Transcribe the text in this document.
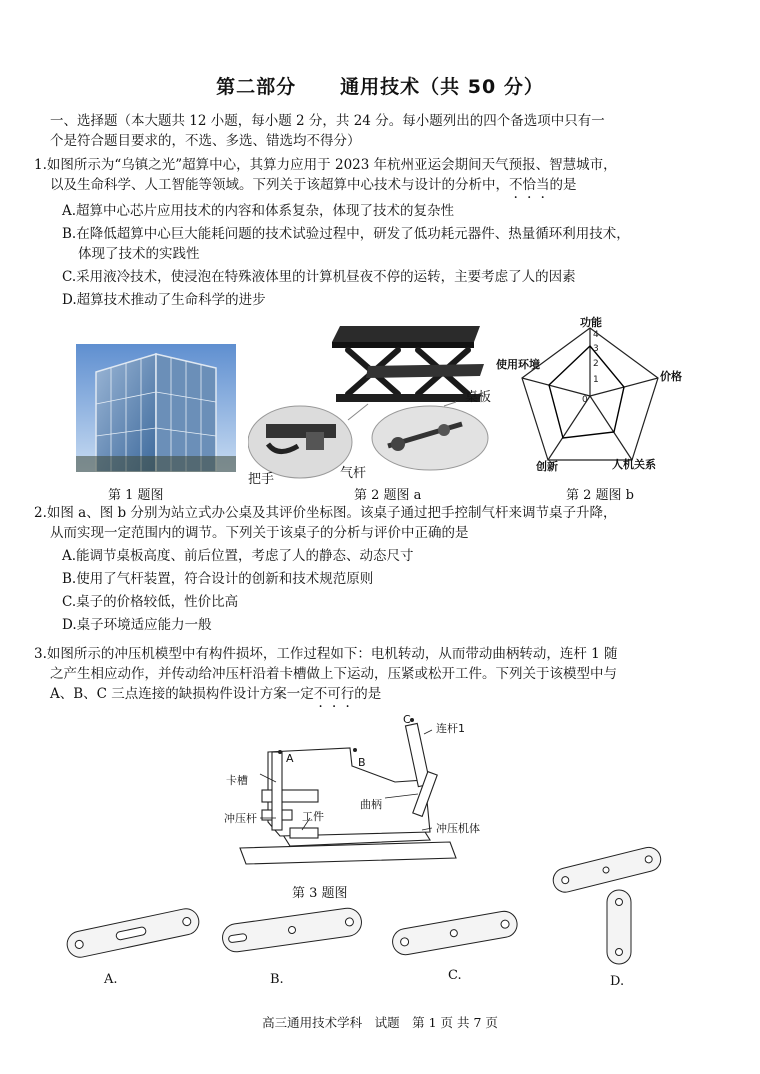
第二部分 通用技术（共 50 分）
一、选择题（本大题共 12 小题，每小题 2 分，共 24 分。每小题列出的四个备选项中只有一
个是符合题目要求的，不选、多选、错选均不得分）
1.如图所示为“乌镇之光”超算中心，其算力应用于 2023 年杭州亚运会期间天气预报、智慧城市，
以及生命科学、人工智能等领域。下列关于该超算中心技术与设计的分析中，不恰当的是
A.超算中心芯片应用技术的内容和体系复杂，体现了技术的复杂性
B.在降低超算中心巨大能耗问题的技术试验过程中，研发了低功耗元器件、热量循环利用技术，
体现了技术的实践性
C.采用液冷技术，使浸泡在特殊液体里的计算机昼夜不停的运转，主要考虑了人的因素
D.超算技术推动了生命科学的进步
桌板
把手	气杆
1
2
3
4
0
功能
使用环境
价格
创新	人机关系
第 1 题图	第 2 题图 a	第 2 题图 b
2.如图 a、图 b 分别为站立式办公桌及其评价坐标图。该桌子通过把手控制气杆来调节桌子升降，
从而实现一定范围内的调节。下列关于该桌子的分析与评价中正确的是
A.能调节桌板高度、前后位置，考虑了人的静态、动态尺寸
B.使用了气杆装置，符合设计的创新和技术规范原则
C.桌子的价格较低，性价比高
D.桌子环境适应能力一般
3.如图所示的冲压机模型中有构件损坏，工作过程如下：电机转动，从而带动曲柄转动，连杆 1 随
之产生相应动作，并传动给冲压杆沿着卡槽做上下运动，压紧或松开工件。下列关于该模型中与
A、B、C 三点连接的缺损构件设计方案一定不可行的是
C
A	B
连杆1
卡槽
曲柄
冲压杆	工件
冲压机体
第 3 题图
A.	B.	C.	D.
高三通用技术学科　试题　第 1 页 共 7 页
